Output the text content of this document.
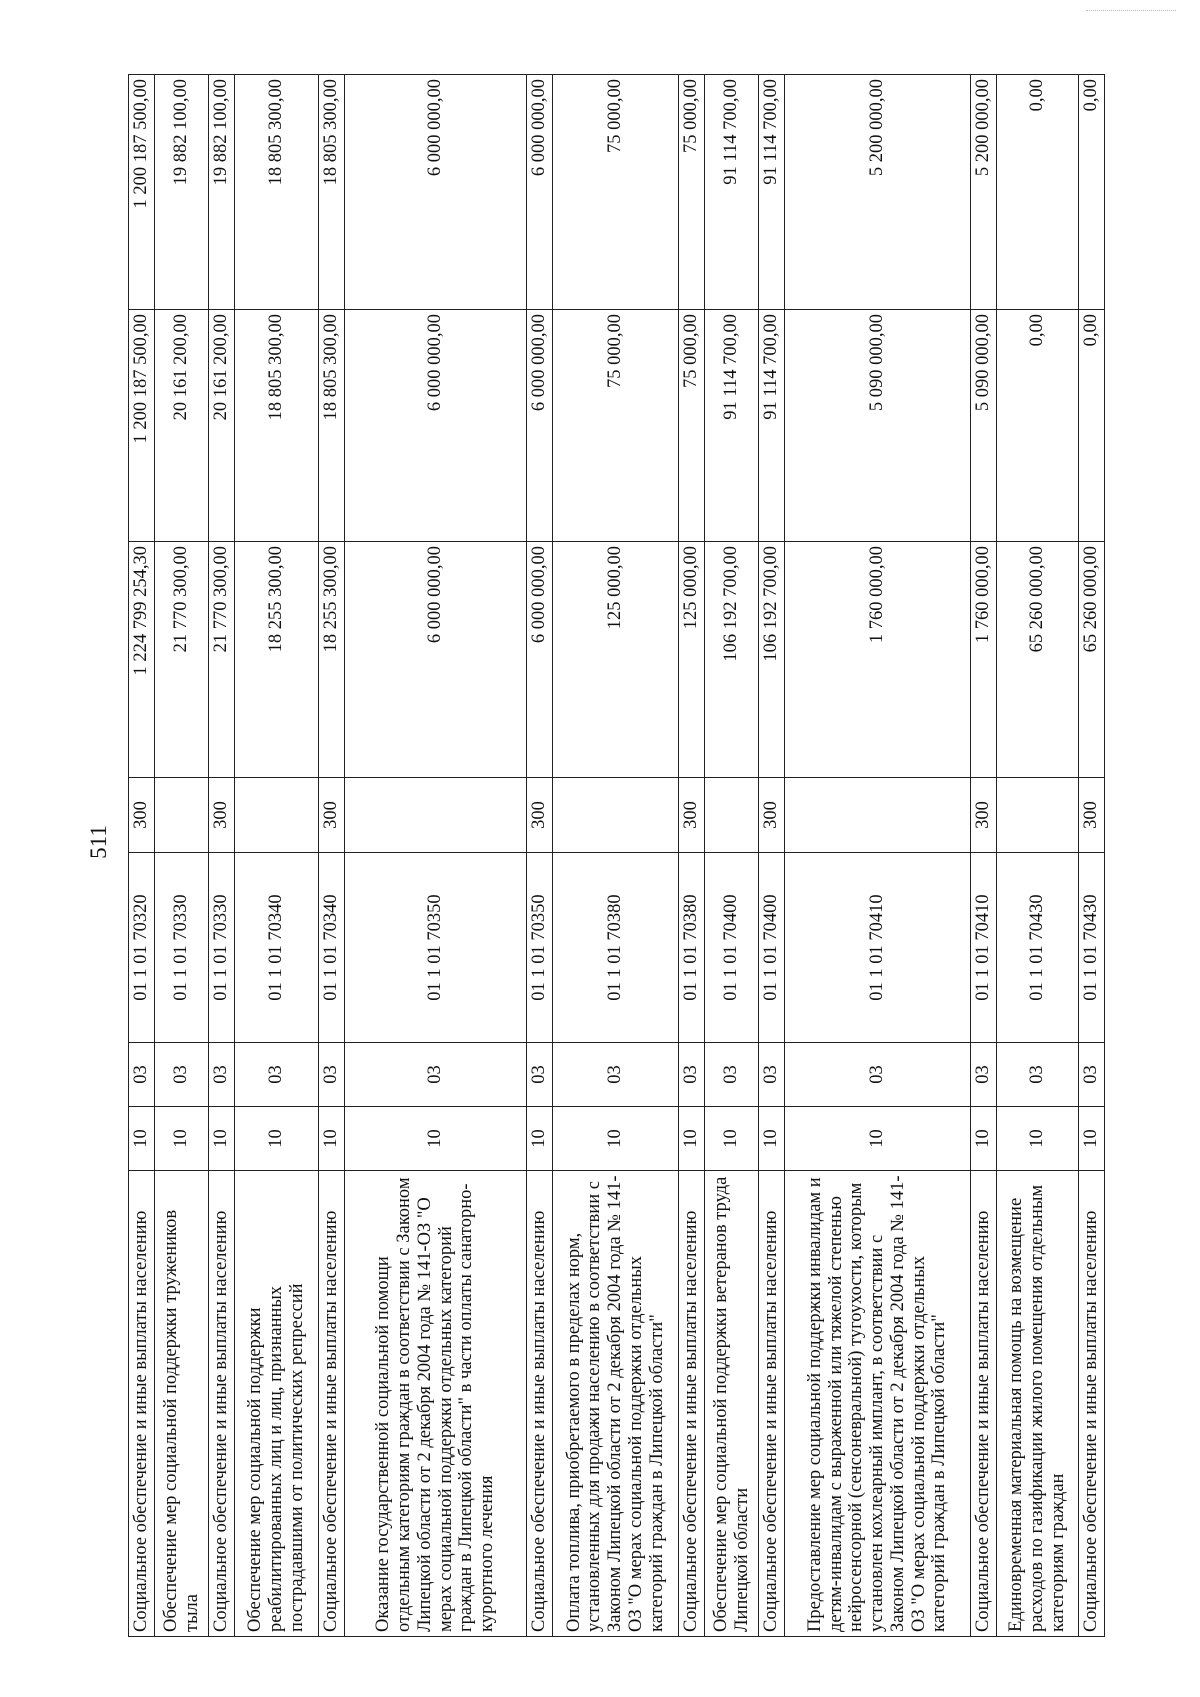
511
Социальное обеспечение и иные выплаты населению	10	03	01 1 01 70320	300	1 224 799 254,30	1 200 187 500,00	1 200 187 500,00
Обеспечение мер социальной поддержки тружеников тыла	10	03	01 1 01 70330		21 770 300,00	20 161 200,00	19 882 100,00
Социальное обеспечение и иные выплаты населению	10	03	01 1 01 70330	300	21 770 300,00	20 161 200,00	19 882 100,00
Обеспечение мер социальной поддержки реабилитированных лиц и лиц, признанных пострадавшими от политических репрессий	10	03	01 1 01 70340		18 255 300,00	18 805 300,00	18 805 300,00
Социальное обеспечение и иные выплаты населению	10	03	01 1 01 70340	300	18 255 300,00	18 805 300,00	18 805 300,00
Оказание государственной социальной помощи отдельным категориям граждан в соответствии с Законом Липецкой области от 2 декабря 2004 года № 141-ОЗ "О мерах социальной поддержки отдельных категорий граждан в Липецкой области" в части оплаты санаторно-курортного лечения	10	03	01 1 01 70350		6 000 000,00	6 000 000,00	6 000 000,00
Социальное обеспечение и иные выплаты населению	10	03	01 1 01 70350	300	6 000 000,00	6 000 000,00	6 000 000,00
Оплата топлива, приобретаемого в пределах норм, установленных для продажи населению в соответствии с Законом Липецкой области от 2 декабря 2004 года № 141-ОЗ "О мерах социальной поддержки отдельных категорий граждан в Липецкой области"	10	03	01 1 01 70380		125 000,00	75 000,00	75 000,00
Социальное обеспечение и иные выплаты населению	10	03	01 1 01 70380	300	125 000,00	75 000,00	75 000,00
Обеспечение мер социальной поддержки ветеранов труда Липецкой области	10	03	01 1 01 70400		106 192 700,00	91 114 700,00	91 114 700,00
Социальное обеспечение и иные выплаты населению	10	03	01 1 01 70400	300	106 192 700,00	91 114 700,00	91 114 700,00
Предоставление мер социальной поддержки инвалидам и детям-инвалидам с выраженной или тяжелой степенью нейросенсорной (сенсоневральной) тугоухости, которым установлен кохлеарный имплант, в соответствии с Законом Липецкой области от 2 декабря 2004 года № 141-ОЗ "О мерах социальной поддержки отдельных категорий граждан в Липецкой области"	10	03	01 1 01 70410		1 760 000,00	5 090 000,00	5 200 000,00
Социальное обеспечение и иные выплаты населению	10	03	01 1 01 70410	300	1 760 000,00	5 090 000,00	5 200 000,00
Единовременная материальная помощь на возмещение расходов по газификации жилого помещения отдельным категориям граждан	10	03	01 1 01 70430		65 260 000,00	0,00	0,00
Социальное обеспечение и иные выплаты населению	10	03	01 1 01 70430	300	65 260 000,00	0,00	0,00
